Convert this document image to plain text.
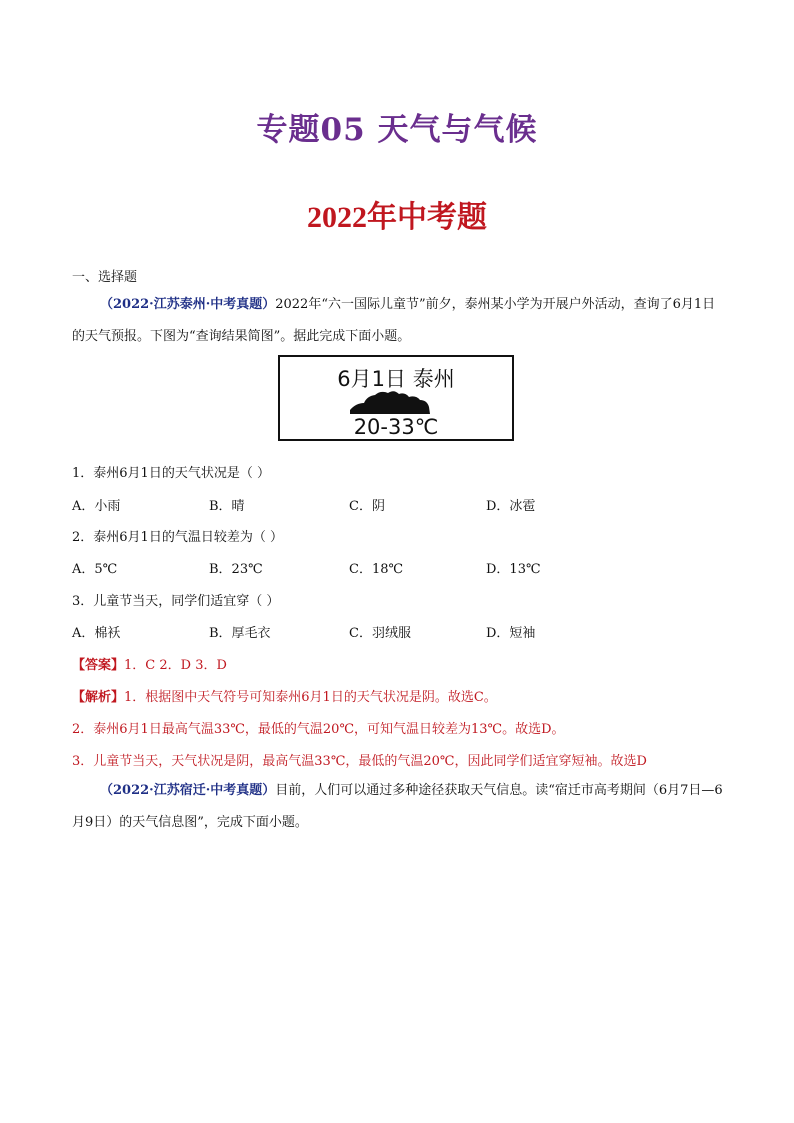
专题05 天气与气候
2022年中考题

一、选择题

（2022·江苏泰州·中考真题）2022年“六一国际儿童节”前夕，泰州某小学为开展户外活动，查询了6月1日的天气预报。下图为“查询结果简图”。据此完成下面小题。

6月1日 泰州
20-33℃

1．泰州6月1日的天气状况是（ ）

A．小雨	B．晴	C．阴	D．冰雹

2．泰州6月1日的气温日较差为（ ）

A．5℃	B．23℃	C．18℃	D．13℃

3．儿童节当天，同学们适宜穿（ ）

A．棉袄	B．厚毛衣	C．羽绒服	D．短袖

【答案】1．C 2．D 3．D

【解析】1．根据图中天气符号可知泰州6月1日的天气状况是阴。故选C。

2．泰州6月1日最高气温33℃，最低的气温20℃，可知气温日较差为13℃。故选D。

3．儿童节当天，天气状况是阴，最高气温33℃，最低的气温20℃，因此同学们适宜穿短袖。故选D

（2022·江苏宿迁·中考真题）目前，人们可以通过多种途径获取天气信息。读“宿迁市高考期间（6月7日—6月9日）的天气信息图”，完成下面小题。
